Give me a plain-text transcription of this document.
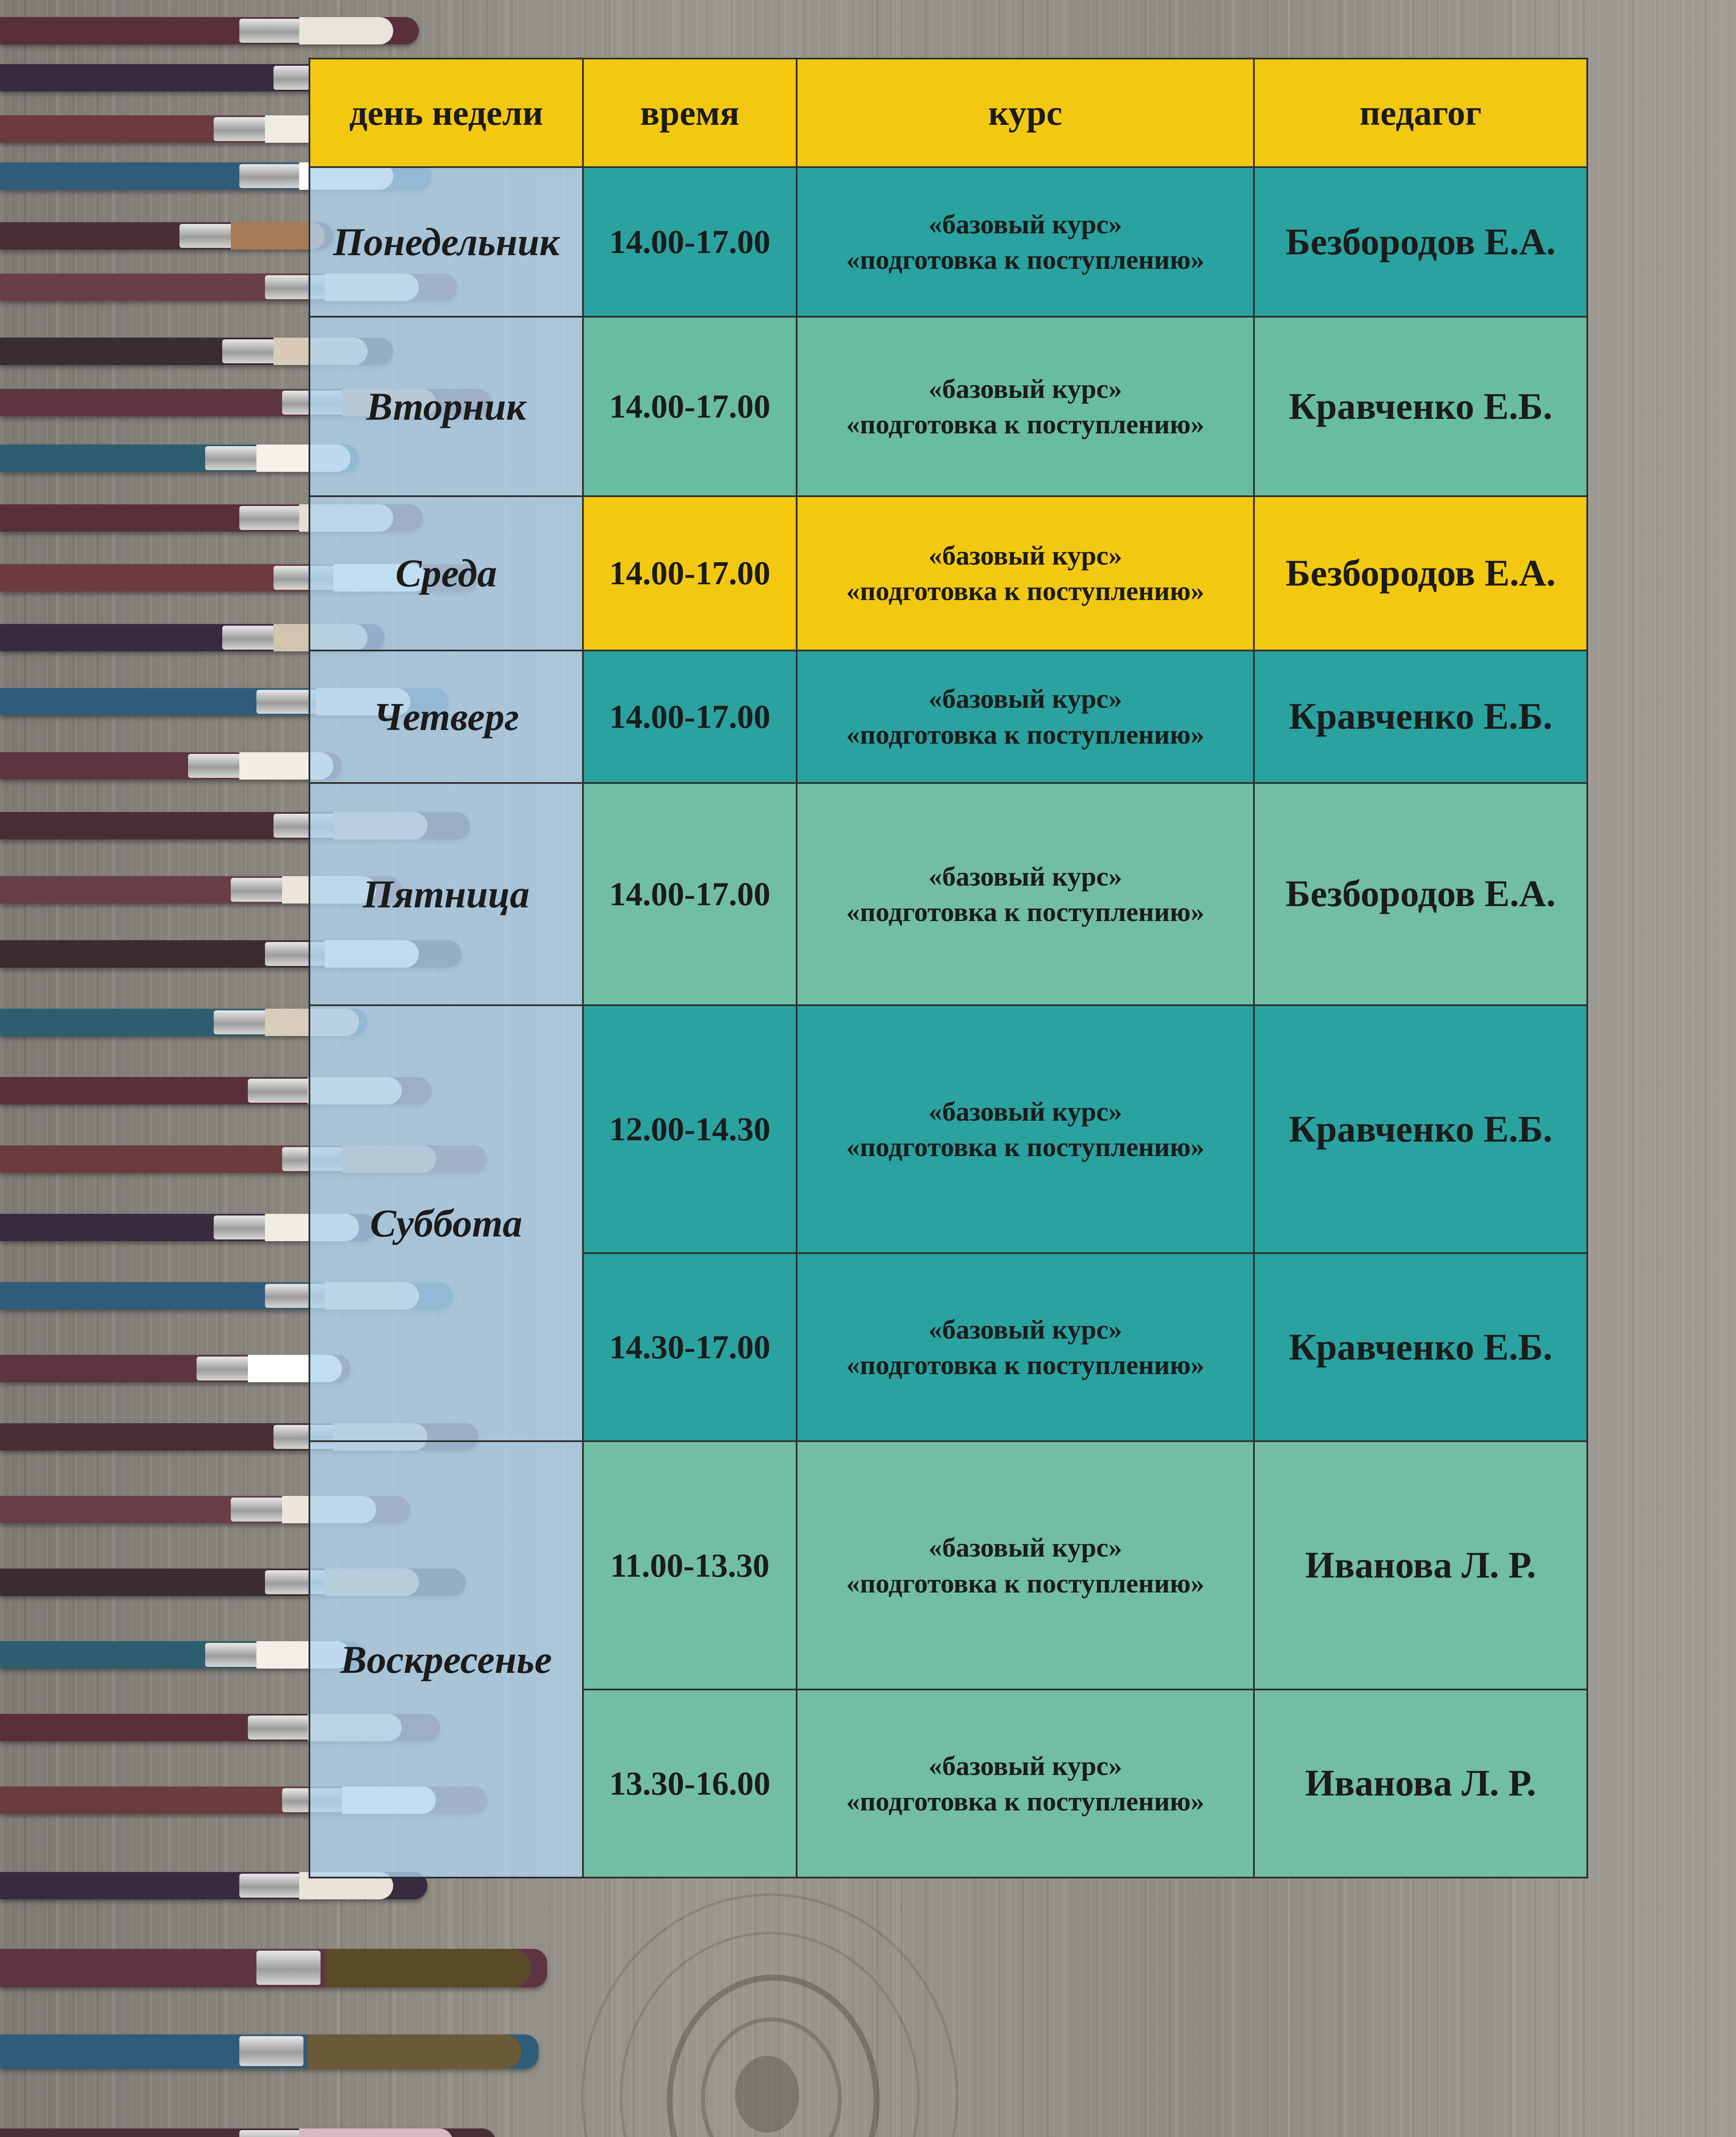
день недели	время	курс	педагог
Понедельник	14.00-17.00	«базовый курс»
«подготовка к поступлению»	Безбородов Е.А.
Вторник	14.00-17.00	«базовый курс»
«подготовка к поступлению»	Кравченко Е.Б.
Среда	14.00-17.00	«базовый курс»
«подготовка к поступлению»	Безбородов Е.А.
Четверг	14.00-17.00	«базовый курс»
«подготовка к поступлению»	Кравченко Е.Б.
Пятница	14.00-17.00	«базовый курс»
«подготовка к поступлению»	Безбородов Е.А.
Суббота	12.00-14.30	«базовый курс»
«подготовка к поступлению»	Кравченко Е.Б.
	14.30-17.00	«базовый курс»
«подготовка к поступлению»	Кравченко Е.Б.
Воскресенье	11.00-13.30	«базовый курс»
«подготовка к поступлению»	Иванова Л. Р.
	13.30-16.00	«базовый курс»
«подготовка к поступлению»	Иванова Л. Р.
